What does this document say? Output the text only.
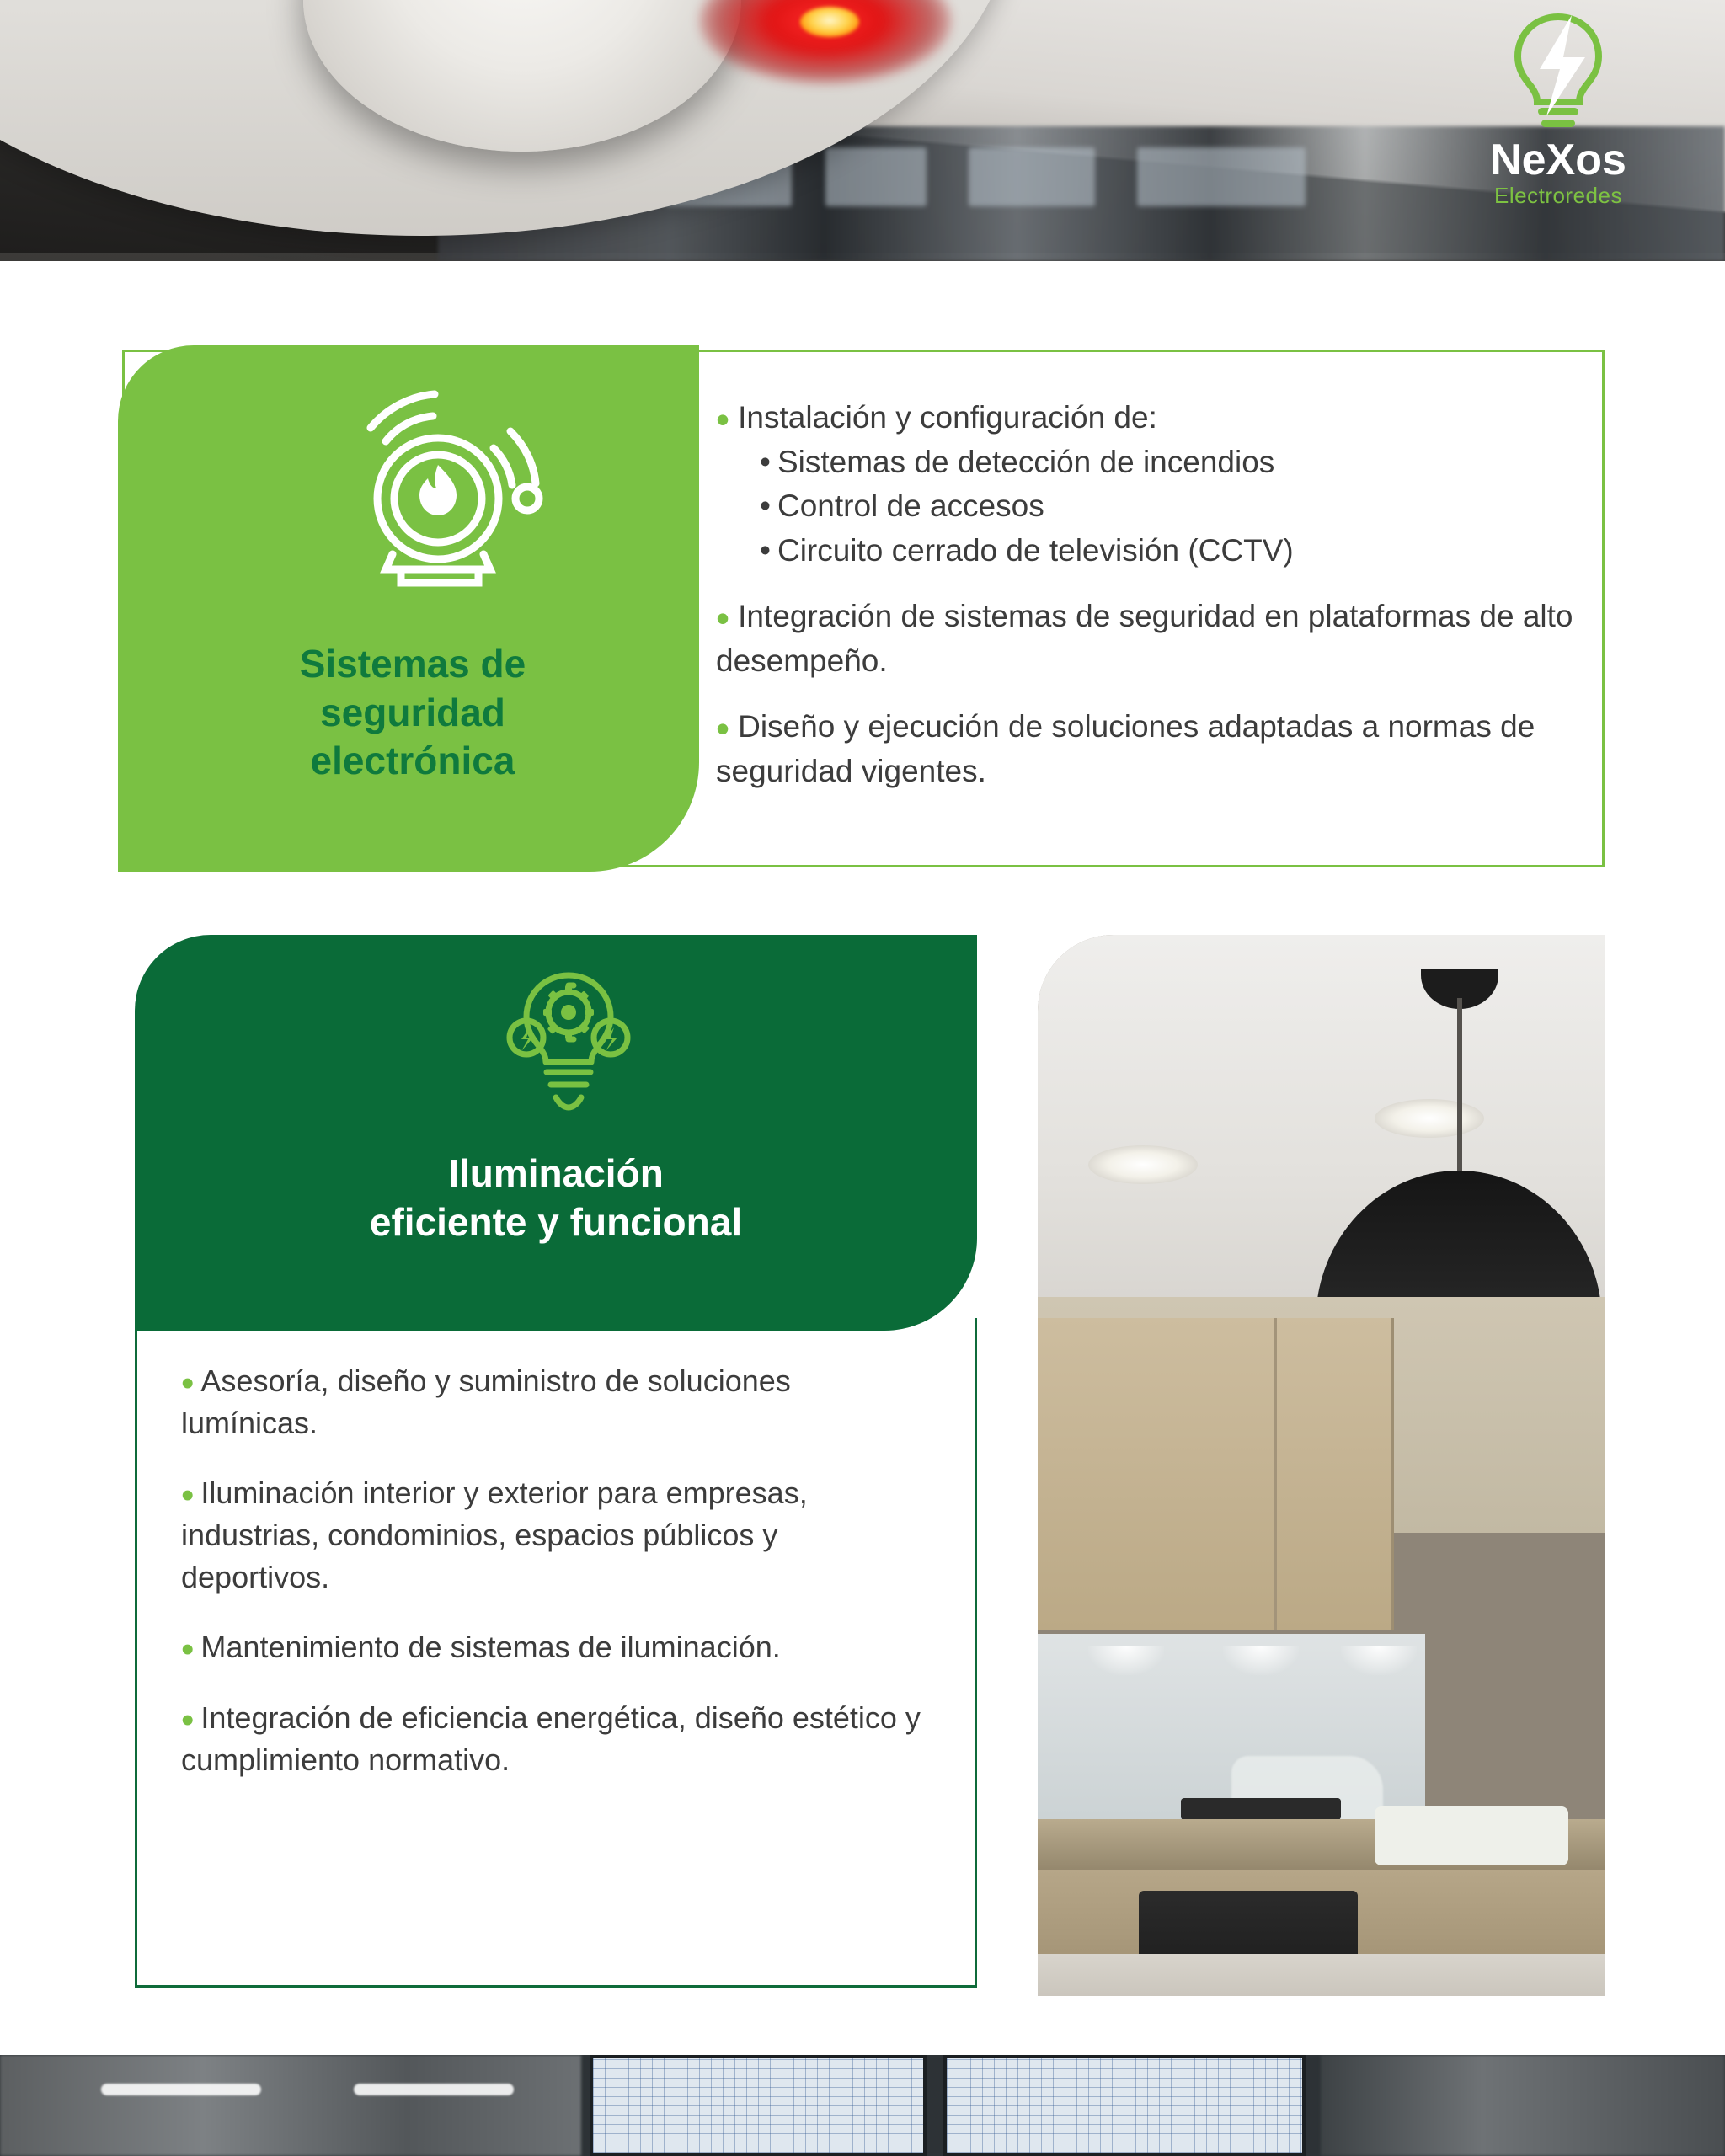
NeXos
Electroredes
Sistemas de
seguridad
electrónica
• Instalación y configuración de:
• Sistemas de detección de incendios
• Control de accesos
• Circuito cerrado de televisión (CCTV)
• Integración de sistemas de seguridad en plataformas de alto desempeño.
• Diseño y ejecución de soluciones adaptadas a normas de seguridad vigentes.
Iluminación
eficiente y funcional
• Asesoría, diseño y suministro de soluciones lumínicas.
• Iluminación interior y exterior para empresas, industrias, condominios, espacios públicos y deportivos.
• Mantenimiento de sistemas de iluminación.
• Integración de eficiencia energética, diseño estético y cumplimiento normativo.
